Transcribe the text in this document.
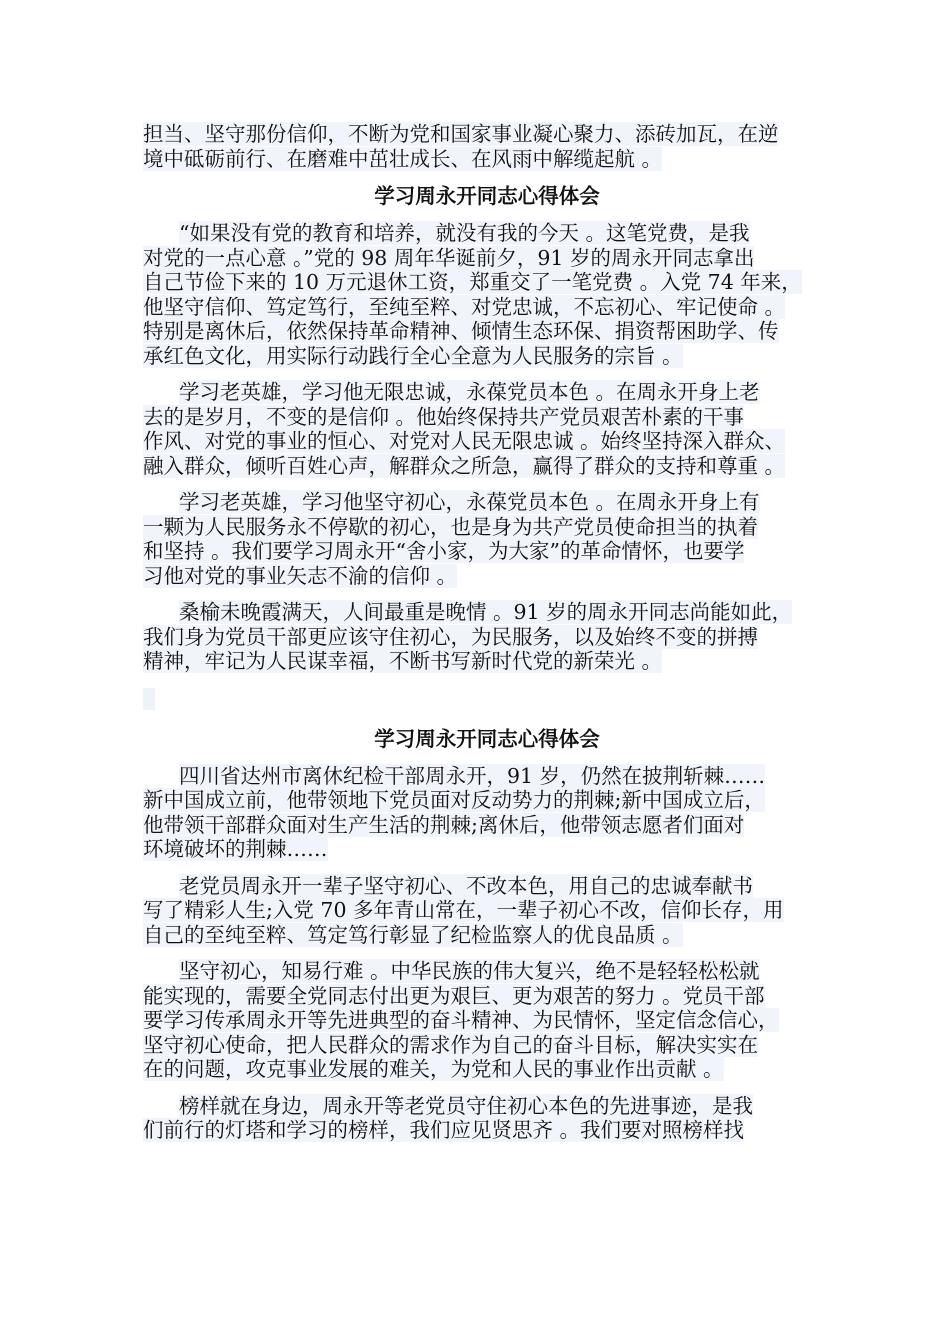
担当、坚守那份信仰，不断为党和国家事业凝心聚力、添砖加瓦，在逆
境中砥砺前行、在磨难中茁壮成长、在风雨中解缆起航 。

学习周永开同志心得体会

“如果没有党的教育和培养，就没有我的今天 。这笔党费，是我
对党的一点心意 。”党的 98 周年华诞前夕，91 岁的周永开同志拿出
自己节俭下来的 10 万元退休工资，郑重交了一笔党费 。入党 74 年来，
他坚守信仰、笃定笃行，至纯至粹、对党忠诚，不忘初心、牢记使命 。
特别是离休后，依然保持革命精神、倾情生态环保、捐资帮困助学、传
承红色文化，用实际行动践行全心全意为人民服务的宗旨 。

学习老英雄，学习他无限忠诚，永葆党员本色 。在周永开身上老
去的是岁月，不变的是信仰 。他始终保持共产党员艰苦朴素的干事
作风、对党的事业的恒心、对党对人民无限忠诚 。始终坚持深入群众、
融入群众，倾听百姓心声，解群众之所急，赢得了群众的支持和尊重 。

学习老英雄，学习他坚守初心，永葆党员本色 。在周永开身上有
一颗为人民服务永不停歇的初心，也是身为共产党员使命担当的执着
和坚持 。我们要学习周永开“舍小家，为大家”的革命情怀，也要学
习他对党的事业矢志不渝的信仰 。

桑榆未晚霞满天，人间最重是晚情 。91 岁的周永开同志尚能如此，
我们身为党员干部更应该守住初心，为民服务，以及始终不变的拼搏
精神，牢记为人民谋幸福，不断书写新时代党的新荣光 。

学习周永开同志心得体会

四川省达州市离休纪检干部周永开，91 岁，仍然在披荆斩棘……
新中国成立前，他带领地下党员面对反动势力的荆棘;新中国成立后，
他带领干部群众面对生产生活的荆棘;离休后，他带领志愿者们面对
环境破坏的荆棘……

老党员周永开一辈子坚守初心、不改本色，用自己的忠诚奉献书
写了精彩人生;入党 70 多年青山常在，一辈子初心不改，信仰长存，用
自己的至纯至粹、笃定笃行彰显了纪检监察人的优良品质 。

坚守初心，知易行难 。中华民族的伟大复兴，绝不是轻轻松松就
能实现的，需要全党同志付出更为艰巨、更为艰苦的努力 。党员干部
要学习传承周永开等先进典型的奋斗精神、为民情怀，坚定信念信心，
坚守初心使命，把人民群众的需求作为自己的奋斗目标，解决实实在
在的问题，攻克事业发展的难关，为党和人民的事业作出贡献 。

榜样就在身边，周永开等老党员守住初心本色的先进事迹，是我
们前行的灯塔和学习的榜样，我们应见贤思齐 。我们要对照榜样找
